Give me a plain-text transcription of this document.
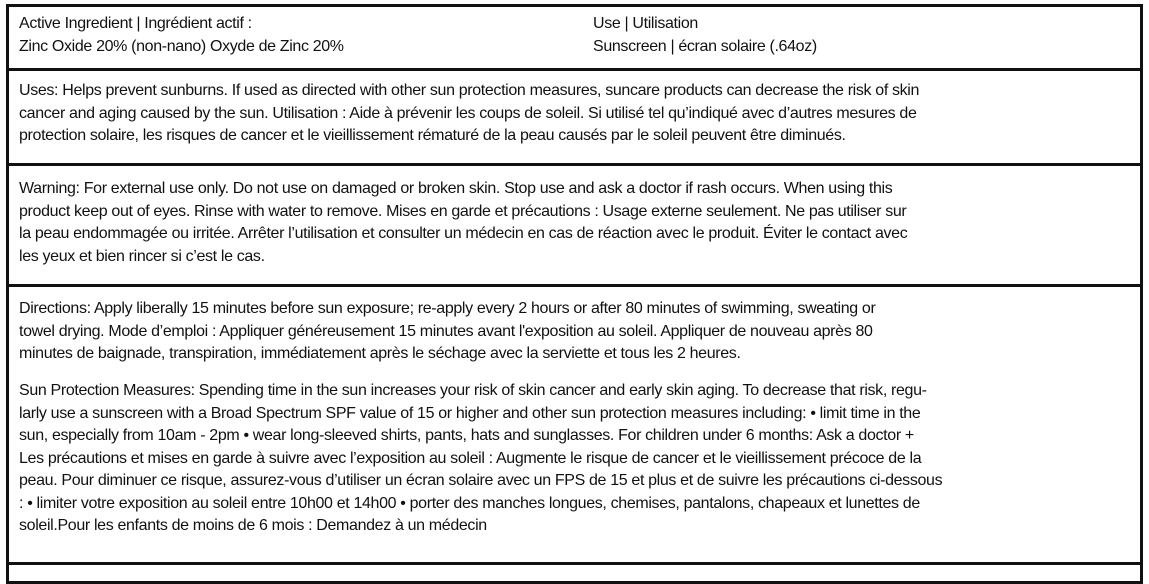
Active Ingredient | Ingrédient actif :
Zinc Oxide 20% (non-nano) Oxyde de Zinc 20%
Use | Utilisation
Sunscreen | écran solaire (.64oz)
Uses: Helps prevent sunburns. If used as directed with other sun protection measures, suncare products can decrease the risk of skin
cancer and aging caused by the sun. Utilisation : Aide à prévenir les coups de soleil. Si utilisé tel qu’indiqué avec d’autres mesures de
protection solaire, les risques de cancer et le vieillissement rématuré de la peau causés par le soleil peuvent être diminués.
Warning: For external use only. Do not use on damaged or broken skin. Stop use and ask a doctor if rash occurs. When using this
product keep out of eyes. Rinse with water to remove. Mises en garde et précautions : Usage externe seulement. Ne pas utiliser sur
la peau endommagée ou irritée. Arrêter l’utilisation et consulter un médecin en cas de réaction avec le produit. Éviter le contact avec
les yeux et bien rincer si c’est le cas.
Directions: Apply liberally 15 minutes before sun exposure; re-apply every 2 hours or after 80 minutes of swimming, sweating or
towel drying. Mode d’emploi : Appliquer généreusement 15 minutes avant l'exposition au soleil. Appliquer de nouveau après 80
minutes de baignade, transpiration, immédiatement après le séchage avec la serviette et tous les 2 heures.
Sun Protection Measures: Spending time in the sun increases your risk of skin cancer and early skin aging. To decrease that risk, regu-
larly use a sunscreen with a Broad Spectrum SPF value of 15 or higher and other sun protection measures including: • limit time in the
sun, especially from 10am - 2pm • wear long-sleeved shirts, pants, hats and sunglasses. For children under 6 months: Ask a doctor +
Les précautions et mises en garde à suivre avec l’exposition au soleil : Augmente le risque de cancer et le vieillissement précoce de la
peau. Pour diminuer ce risque, assurez-vous d’utiliser un écran solaire avec un FPS de 15 et plus et de suivre les précautions ci-dessous
: • limiter votre exposition au soleil entre 10h00 et 14h00 • porter des manches longues, chemises, pantalons, chapeaux et lunettes de
soleil.Pour les enfants de moins de 6 mois : Demandez à un médecin
